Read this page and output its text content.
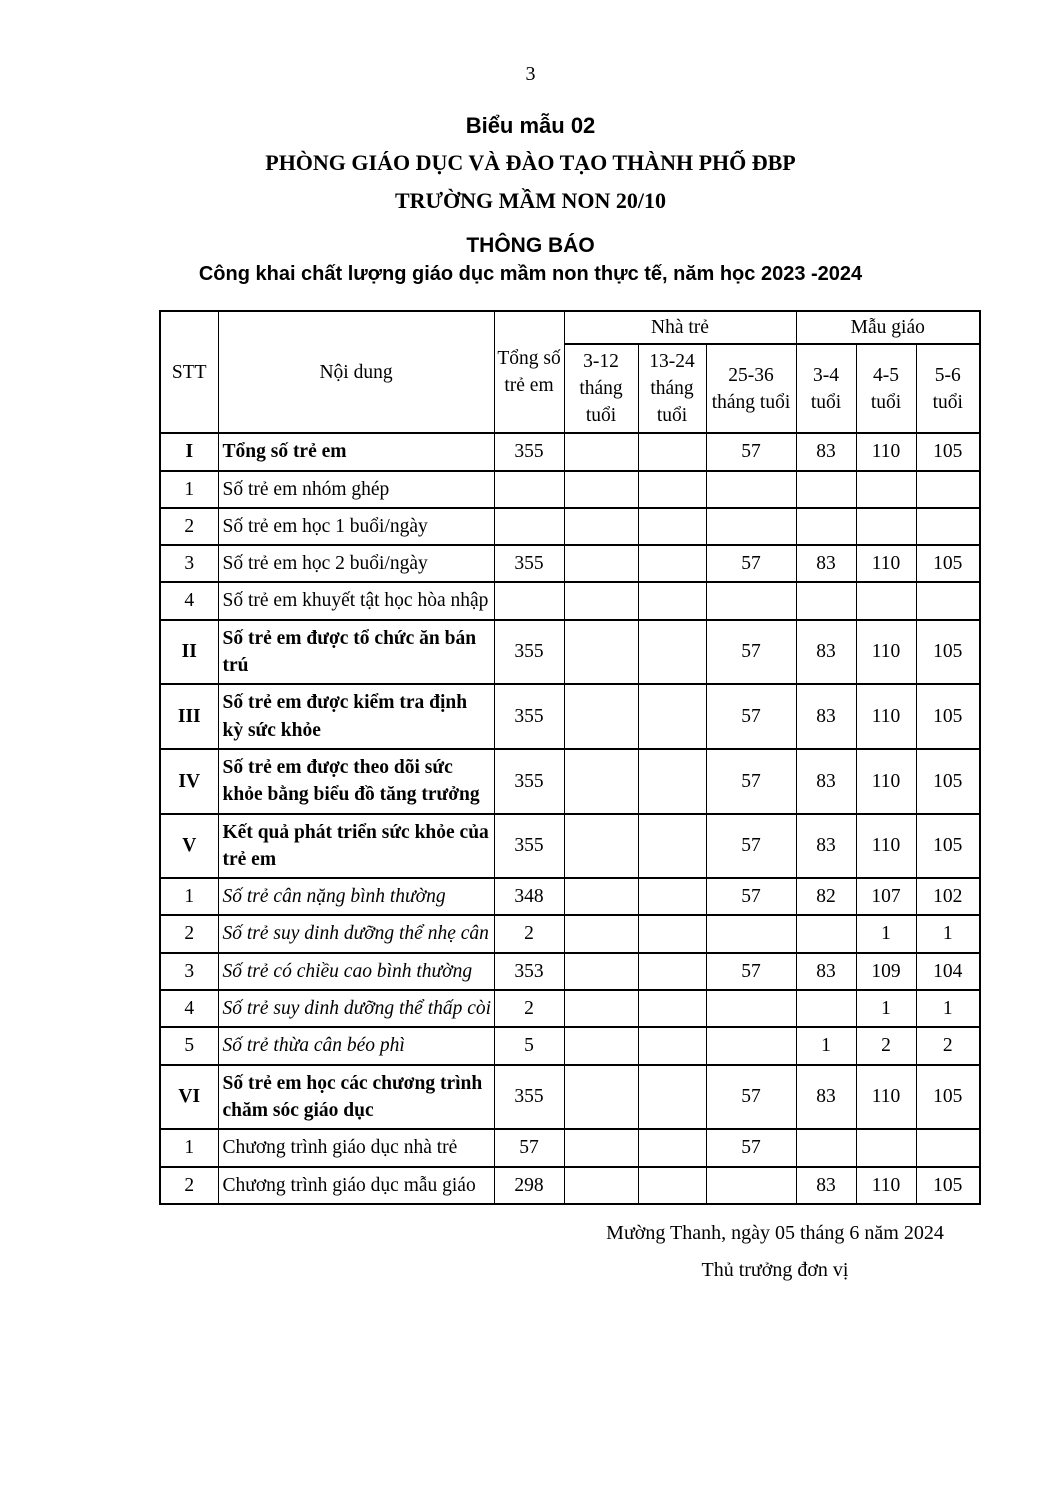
3
Biểu mẫu 02
PHÒNG GIÁO DỤC VÀ ĐÀO TẠO THÀNH PHỐ ĐBP
TRƯỜNG MẦM NON 20/10
THÔNG BÁO
Công khai chất lượng giáo dục mầm non thực tế, năm học 2023 -2024
STT	Nội dung	Tổng số trẻ em	Nhà trẻ			Mẫu giáo		
			3-12 tháng tuổi	13-24 tháng tuổi	25-36 tháng tuổi	3-4 tuổi	4-5 tuổi	5-6 tuổi
I	Tổng số trẻ em	355			57	83	110	105
1	Số trẻ em nhóm ghép							
2	Số trẻ em học 1 buổi/ngày							
3	Số trẻ em học 2 buổi/ngày	355			57	83	110	105
4	Số trẻ em khuyết tật học hòa nhập							
II	Số trẻ em được tổ chức ăn bán trú	355			57	83	110	105
III	Số trẻ em được kiểm tra định kỳ sức khỏe	355			57	83	110	105
IV	Số trẻ em được theo dõi sức khỏe bằng biểu đồ tăng trưởng	355			57	83	110	105
V	Kết quả phát triển sức khỏe của trẻ em	355			57	83	110	105
1	Số trẻ cân nặng bình thường	348			57	82	107	102
2	Số trẻ suy dinh dưỡng thể nhẹ cân	2					1	1
3	Số trẻ có chiều cao bình thường	353			57	83	109	104
4	Số trẻ suy dinh dưỡng thể thấp còi	2					1	1
5	Số trẻ thừa cân béo phì	5				1	2	2
VI	Số trẻ em học các chương trình chăm sóc giáo dục	355			57	83	110	105
1	Chương trình giáo dục nhà trẻ	57			57			
2	Chương trình giáo dục mẫu giáo	298				83	110	105
Mường Thanh, ngày 05 tháng 6 năm 2024
Thủ trưởng đơn vị
